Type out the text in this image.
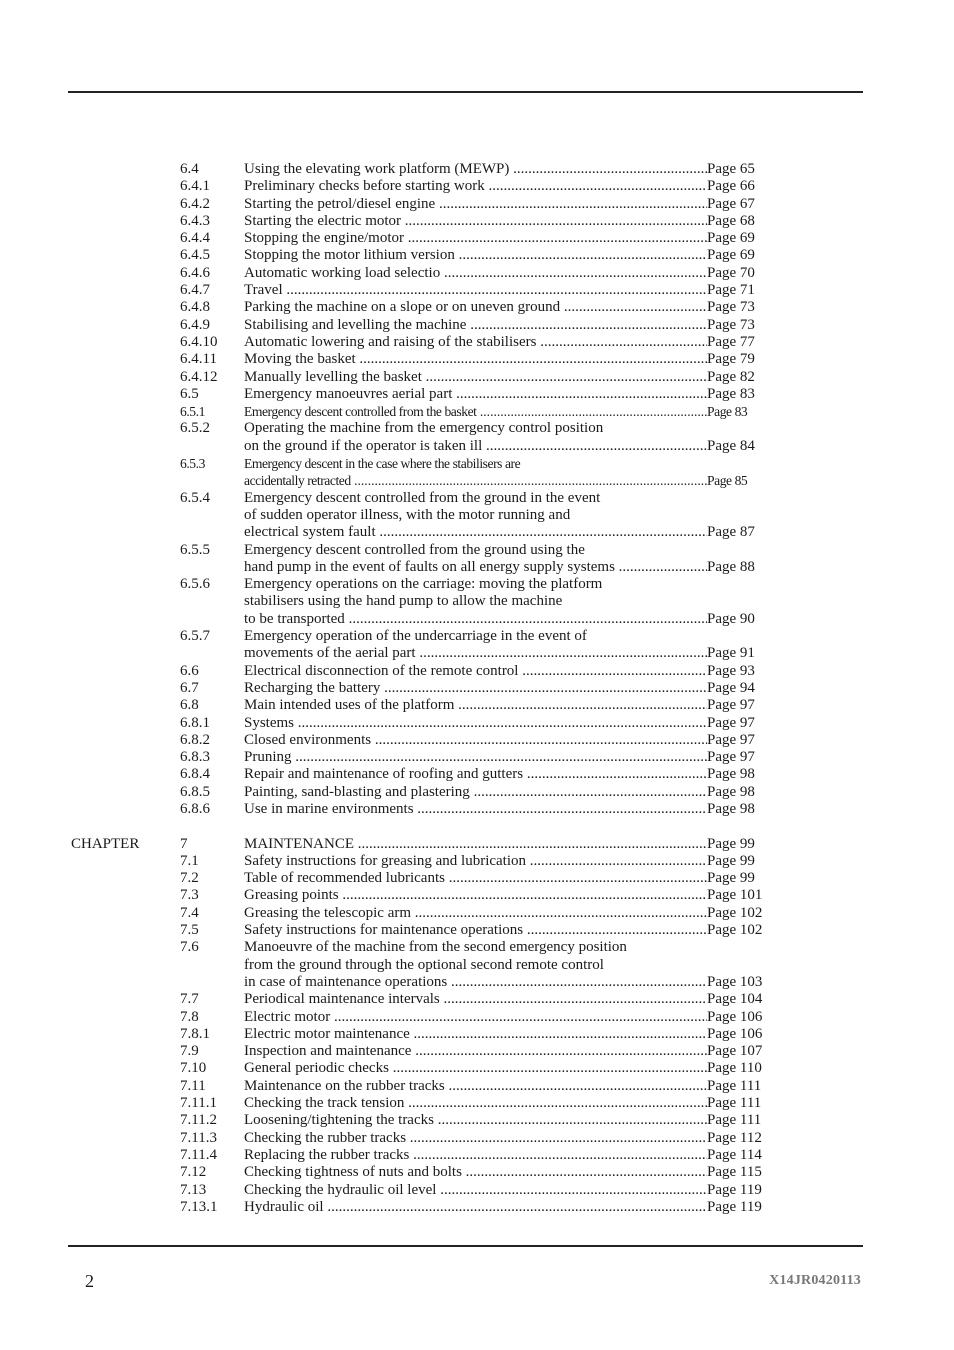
6.4	Using the elevating work platform (MEWP) .....	Page 65
6.4.1 Preliminary checks before starting work .....	Page 66
6.4.2 Starting the petrol/diesel engine .....	Page 67
6.4.3 Starting the electric motor .....	Page 68
6.4.4 Stopping the engine/motor .....	Page 69
6.4.5 Stopping the motor lithium version .....	Page 69
6.4.6 Automatic working load selectio .....	Page 70
6.4.7 Travel .....	Page 71
6.4.8 Parking the machine on a slope or on uneven ground .....	Page 73
6.4.9 Stabilising and levelling the machine .....	Page 73
6.4.10 Automatic lowering and raising of the stabilisers .....	Page 77
6.4.11 Moving the basket .....	Page 79
6.4.12 Manually levelling the basket .....	Page 82
6.5	Emergency manoeuvres aerial part .....	Page 83
6.5.1	Emergency descent controlled from the basket .....	Page 83
6.5.2 Operating the machine from the emergency control position
on the ground if the operator is taken ill .....	Page 84
6.5.3	Emergency descent in the case where the stabilisers are
accidentally retracted .....	Page 85
6.5.4 Emergency descent controlled from the ground in the event
of sudden operator illness, with the motor running and
electrical system fault .....	Page 87
6.5.5 Emergency descent controlled from the ground using the
hand pump in the event of faults on all energy supply systems .....	Page 88
6.5.6 Emergency operations on the carriage: moving the platform
stabilisers using the hand pump to allow the machine
to be transported .....	Page 90
6.5.7 Emergency operation of the undercarriage in the event of
movements of the aerial part .....	Page 91
6.6	Electrical disconnection of the remote control .....	Page 93
6.7	Recharging the battery .....	Page 94
6.8	Main intended uses of the platform .....	Page 97
6.8.1 Systems .....	Page 97
6.8.2 Closed environments .....	Page 97
6.8.3 Pruning .....	Page 97
6.8.4 Repair and maintenance of roofing and gutters .....	Page 98
6.8.5 Painting, sand-blasting and plastering .....	Page 98
6.8.6 Use in marine environments .....	Page 98
CHAPTER	7	MAINTENANCE .....	Page 99
7.1	Safety instructions for greasing and lubrication .....	Page 99
7.2	Table of recommended lubricants .....	Page 99
7.3	Greasing points .....	Page 101
7.4	Greasing the telescopic arm .....	Page 102
7.5	Safety instructions for maintenance operations .....	Page 102
7.6	Manoeuvre of the machine from the second emergency position
from the ground through the optional second remote control
in case of maintenance operations .....	Page 103
7.7	Periodical maintenance intervals .....	Page 104
7.8	Electric motor .....	Page 106
7.8.1 Electric motor maintenance .....	Page 106
7.9	Inspection and maintenance .....	Page 107
7.10	General periodic checks .....	Page 110
7.11	Maintenance on the rubber tracks .....	Page 111
7.11.1 Checking the track tension .....	Page 111
7.11.2 Loosening/tightening the tracks .....	Page 111
7.11.3 Checking the rubber tracks .....	Page 112
7.11.4 Replacing the rubber tracks .....	Page 114
7.12	Checking tightness of nuts and bolts .....	Page 115
7.13	Checking the hydraulic oil level .....	Page 119
7.13.1 Hydraulic oil .....	Page 119
2	X14JR0420113
